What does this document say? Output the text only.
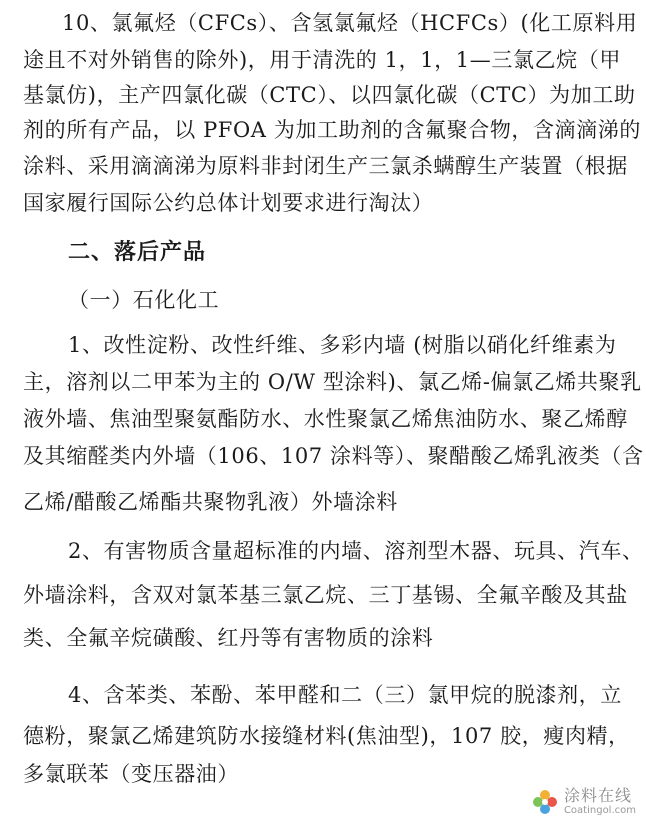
10、氯氟烃（CFCs）、含氢氯氟烃（HCFCs）(化工原料用
途且不对外销售的除外)，用于清洗的 1，1，1—三氯乙烷（甲
基氯仿)，主产四氯化碳（CTC）、以四氯化碳（CTC）为加工助
剂的所有产品，以 PFOA 为加工助剂的含氟聚合物，含滴滴涕的
涂料、采用滴滴涕为原料非封闭生产三氯杀螨醇生产装置（根据
国家履行国际公约总体计划要求进行淘汰）
二、落后产品
（一）石化化工
1、改性淀粉、改性纤维、多彩内墙 (树脂以硝化纤维素为
主，溶剂以二甲苯为主的 O/W 型涂料)、氯乙烯-偏氯乙烯共聚乳
液外墙、焦油型聚氨酯防水、水性聚氯乙烯焦油防水、聚乙烯醇
及其缩醛类内外墙（106、107 涂料等）、聚醋酸乙烯乳液类（含
乙烯/醋酸乙烯酯共聚物乳液）外墙涂料
2、有害物质含量超标准的内墙、溶剂型木器、玩具、汽车、
外墙涂料，含双对氯苯基三氯乙烷、三丁基锡、全氟辛酸及其盐
类、全氟辛烷磺酸、红丹等有害物质的涂料
4、含苯类、苯酚、苯甲醛和二（三）氯甲烷的脱漆剂，立
德粉，聚氯乙烯建筑防水接缝材料(焦油型)，107 胶，瘦肉精，
多氯联苯（变压器油）
涂料在线
Coatingol.com
